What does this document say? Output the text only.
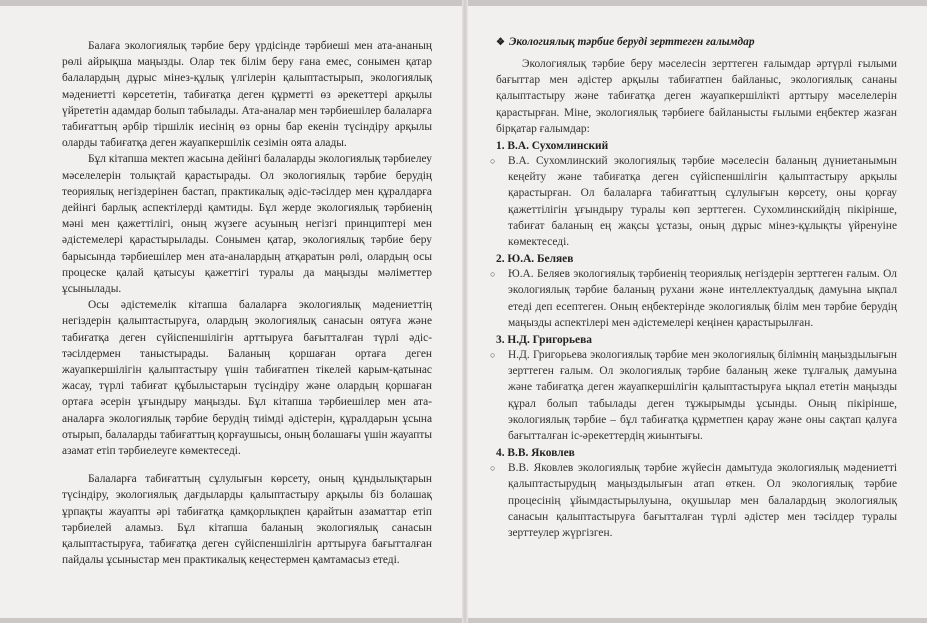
Балаға экологиялық тәрбие беру үрдісінде тәрбиеші мен ата-ананың рөлі айрықша маңызды. Олар тек білім беру ғана емес, сонымен қатар балалардың дұрыс мінез-құлық үлгілерін қалыптастырып, экологиялық мәдениетті көрсететін, табиғатқа деген құрметті өз әрекеттері арқылы үйрететін адамдар болып табылады. Ата-аналар мен тәрбиешілер балаларға табиғаттың әрбір тіршілік иесінің өз орны бар екенін түсіндіру арқылы оларды табиғатқа деген жауапкершілік сезімін оята алады.

Бұл кітапша мектеп жасына дейінгі балаларды экологиялық тәрбиелеу мәселелерін толықтай қарастырады. Ол экологиялық тәрбие берудің теориялық негіздерінен бастап, практикалық әдіс-тәсілдер мен құралдарға дейінгі барлық аспектілерді қамтиды. Бұл жерде экологиялық тәрбиенің мәні мен қажеттілігі, оның жүзеге асуының негізгі принциптері мен әдістемелері қарастырылады. Сонымен қатар, экологиялық тәрбие беру барысында тәрбиешілер мен ата-аналардың атқаратын рөлі, олардың осы процеске қалай қатысуы қажеттігі туралы да маңызды мәліметтер ұсынылады.

Осы әдістемелік кітапша балаларға экологиялық мәдениеттің негіздерін қалыптастыруға, олардың экологиялық санасын оятуға және табиғатқа деген сүйіспеншілігін арттыруға бағытталған түрлі әдіс-тәсілдермен таныстырады. Баланың қоршаған ортаға деген жауапкершілігін қалыптастыру үшін табиғатпен тікелей карым-қатынас жасау, түрлі табиғат құбылыстарын түсіндіру және олардың қоршаған ортаға әсерін ұғындыру маңызды. Бұл кітапша тәрбиешілер мен ата-аналарға экологиялық тәрбие берудің тиімді әдістерін, құралдарын ұсына отырып, балаларды табиғаттың қорғаушысы, оның болашағы үшін жауапты азамат етіп тәрбиелеуге көмектеседі.

Балаларға табиғаттың сұлулығын көрсету, оның құндылықтарын түсіндіру, экологиялық дағдыларды қалыптастыру арқылы біз болашақ ұрпақты жауапты әрі табиғатқа қамқорлықпен қарайтын азаматтар етіп тәрбиелей аламыз. Бұл кітапша баланың экологиялық санасын қалыптастыруға, табиғатқа деген сүйіспеншілігін арттыруға бағытталған пайдалы ұсыныстар мен практикалық кеңестермен қамтамасыз етеді.

❖ Экологиялық тәрбие беруді зерттеген ғалымдар

Экологиялық тәрбие беру мәселесін зерттеген ғалымдар әртүрлі ғылыми бағыттар мен әдістер арқылы табиғатпен байланыс, экологиялық сананы қалыптастыру және табиғатқа деген жауапкершілікті арттыру мәселелерін қарастырған. Міне, экологиялық тәрбиеге байланысты ғылыми еңбектер жазған бірқатар ғалымдар:

1. В.А. Сухомлинский

○ В.А. Сухомлинский экологиялық тәрбие мәселесін баланың дүниетанымын кеңейту және табиғатқа деген сүйіспеншілігін қалыптастыру арқылы қарастырған. Ол балаларға табиғаттың сұлулығын көрсету, оны қорғау қажеттілігін ұғындыру туралы көп зерттеген. Сухомлинскийдің пікірінше, табиғат баланың ең жақсы ұстазы, оның дұрыс мінез-құлықты үйренуіне көмектеседі.

2. Ю.А. Беляев

○ Ю.А. Беляев экологиялық тәрбиенің теориялық негіздерін зерттеген ғалым. Ол экологиялық тәрбие баланың рухани және интеллектуалдық дамуына ықпал етеді деп есептеген. Оның еңбектерінде экологиялық білім мен тәрбие берудің маңызды аспектілері мен әдістемелері кеңінен қарастырылған.

3. Н.Д. Григорьева

○ Н.Д. Григорьева экологиялық тәрбие мен экологиялық білімнің маңыздылығын зерттеген ғалым. Ол экологиялық тәрбие баланың жеке тұлғалық дамуына және табиғатқа деген жауапкершілігін қалыптастыруға ықпал ететін маңызды құрал болып табылады деген тұжырымды ұсынды. Оның пікірінше, экологиялық тәрбие – бұл табиғатқа құрметпен қарау және оны сақтап қалуға бағытталған іс-әрекеттердің жиынтығы.

4. В.В. Яковлев

○ В.В. Яковлев экологиялық тәрбие жүйесін дамытуда экологиялық мәдениетті қалыптастырудың маңыздылығын атап өткен. Ол экологиялық тәрбие процесінің ұйымдастырылуына, оқушылар мен балалардың экологиялық санасын қалыптастыруға бағытталған түрлі әдістер мен тәсілдер туралы зерттеулер жүргізген.
